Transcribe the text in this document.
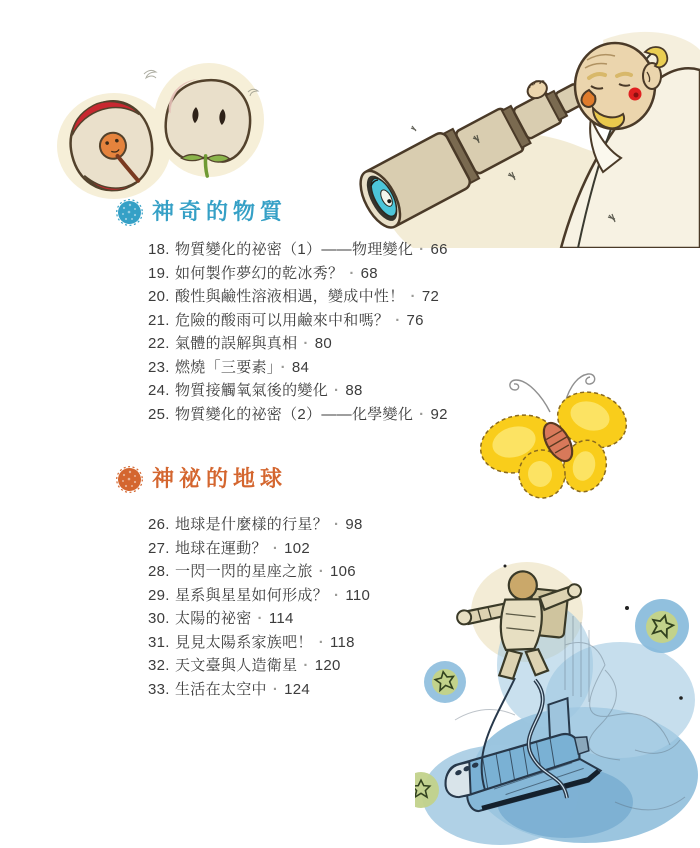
神奇的物質
18. 物質變化的祕密（1）——物理變化 · 66
19. 如何製作夢幻的乾冰秀？ · 68
20. 酸性與鹼性溶液相遇，變成中性！ · 72
21. 危險的酸雨可以用鹼來中和嗎？ · 76
22. 氣體的誤解與真相 · 80
23. 燃燒「三要素」 · 84
24. 物質接觸氧氣後的變化 · 88
25. 物質變化的祕密（2）——化學變化 · 92
神祕的地球
26. 地球是什麼樣的行星？ · 98
27. 地球在運動？ · 102
28. 一閃一閃的星座之旅 · 106
29. 星系與星星如何形成？ · 110
30. 太陽的祕密 · 114
31. 見見太陽系家族吧！ · 118
32. 天文臺與人造衛星 · 120
33. 生活在太空中 · 124
